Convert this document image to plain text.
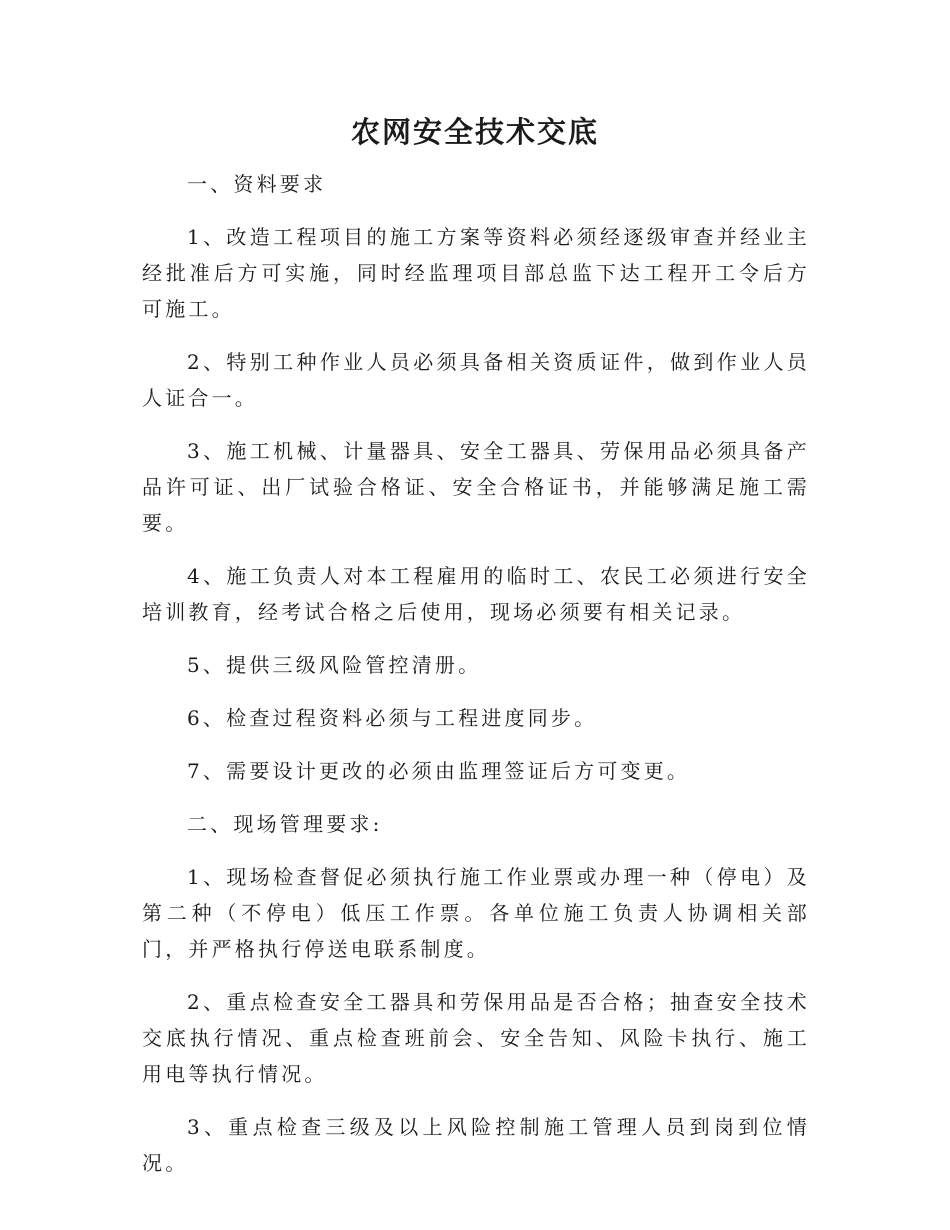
农网安全技术交底

一、资料要求

1、改造工程项目的施工方案等资料必须经逐级审查并经业主经批准后方可实施，同时经监理项目部总监下达工程开工令后方可施工。

2、特别工种作业人员必须具备相关资质证件，做到作业人员人证合一。

3、施工机械、计量器具、安全工器具、劳保用品必须具备产品许可证、出厂试验合格证、安全合格证书，并能够满足施工需要。

4、施工负责人对本工程雇用的临时工、农民工必须进行安全培训教育，经考试合格之后使用，现场必须要有相关记录。

5、提供三级风险管控清册。

6、检查过程资料必须与工程进度同步。

7、需要设计更改的必须由监理签证后方可变更。

二、现场管理要求:

1、现场检查督促必须执行施工作业票或办理一种（停电）及第二种（不停电）低压工作票。各单位施工负责人协调相关部门，并严格执行停送电联系制度。

2、重点检查安全工器具和劳保用品是否合格；抽查安全技术交底执行情况、重点检查班前会、安全告知、风险卡执行、施工用电等执行情况。

3、重点检查三级及以上风险控制施工管理人员到岗到位情况。
